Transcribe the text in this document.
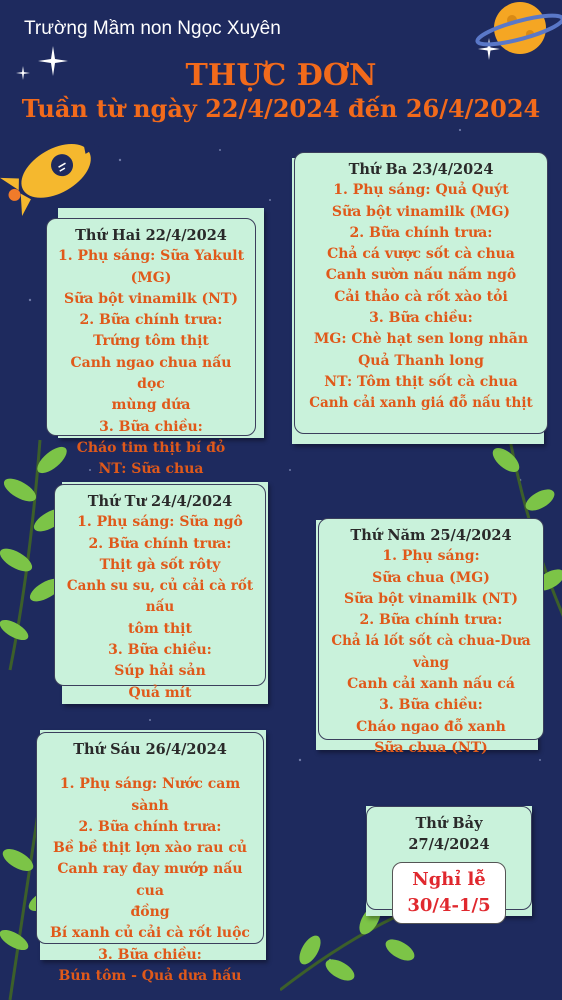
Trường Mầm non Ngọc Xuyên
THỰC ĐƠN
Tuần từ ngày 22/4/2024 đến 26/4/2024
Thứ Hai 22/4/2024
1. Phụ sáng: Sữa Yakult (MG)
Sữa bột vinamilk (NT)
2. Bữa chính trưa:
Trứng tôm thịt
Canh ngao chua nấu dọc
mùng dứa
3. Bữa chiều:
Cháo tim thịt bí đỏ
NT: Sữa chua
Thứ Ba 23/4/2024
1. Phụ sáng: Quả Quýt
Sữa bột vinamilk (MG)
2. Bữa chính trưa:
Chả cá vược sốt cà chua
Canh sườn nấu nấm ngô
Cải thảo cà rốt xào tỏi
3. Bữa chiều:
MG: Chè hạt sen long nhãn
Quả Thanh long
NT: Tôm thịt sốt cà chua
Canh cải xanh giá đỗ nấu thịt
Thứ Tư 24/4/2024
1. Phụ sáng: Sữa ngô
2. Bữa chính trưa:
Thịt gà sốt rôty
Canh su su, củ cải cà rốt nấu
tôm thịt
3. Bữa chiều:
Súp hải sản
Quả mít
Thứ Năm 25/4/2024
1. Phụ sáng:
Sữa chua (MG)
Sữa bột vinamilk (NT)
2. Bữa chính trưa:
Chả lá lốt sốt cà chua-Dưa vàng
Canh cải xanh nấu cá
3. Bữa chiều:
Cháo ngao đỗ xanh
Sữa chua (NT)
Thứ Sáu 26/4/2024
1. Phụ sáng: Nước cam sành
2. Bữa chính trưa:
Bề bề thịt lợn xào rau củ
Canh ray đay mướp nấu cua
đồng
Bí xanh củ cải cà rốt luộc
3. Bữa chiều:
Bún tôm - Quả dưa hấu
Thứ Bảy 27/4/2024
Nghỉ lễ
30/4-1/5
